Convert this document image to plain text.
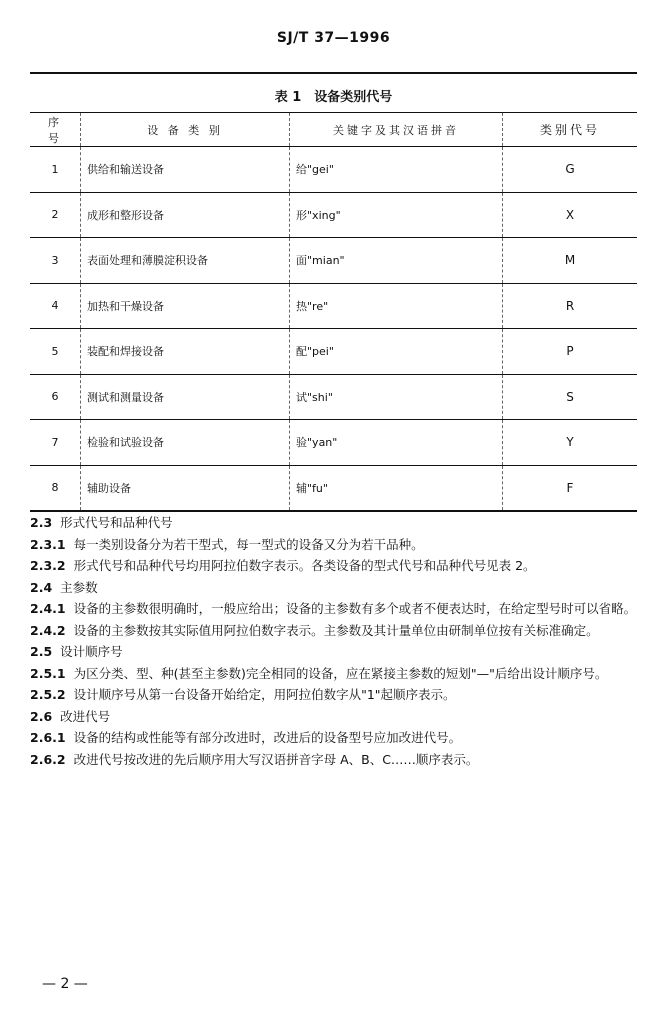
SJ/T 37—1996
表 1　设备类别代号
序　号	设 备 类 别	关键字及其汉语拼音	类别代号
1	供给和输送设备	给"gei"	G
2	成形和整形设备	形"xing"	X
3	表面处理和薄膜淀积设备	面"mian"	M
4	加热和干燥设备	热"re"	R
5	装配和焊接设备	配"pei"	P
6	测试和测量设备	试"shi"	S
7	检验和试验设备	验"yan"	Y
8	辅助设备	辅"fu"	F

2.3 形式代号和品种代号

2.3.1 每一类别设备分为若干型式，每一型式的设备又分为若干品种。

2.3.2 形式代号和品种代号均用阿拉伯数字表示。各类设备的型式代号和品种代号见表 2。

2.4 主参数

2.4.1 设备的主参数很明确时，一般应给出；设备的主参数有多个或者不便表达时，在给定型号时可以省略。

2.4.2 设备的主参数按其实际值用阿拉伯数字表示。主参数及其计量单位由研制单位按有关标准确定。

2.5 设计顺序号

2.5.1 为区分类、型、种(甚至主参数)完全相同的设备，应在紧接主参数的短划"—"后给出设计顺序号。

2.5.2 设计顺序号从第一台设备开始给定，用阿拉伯数字从"1"起顺序表示。

2.6 改进代号

2.6.1 设备的结构或性能等有部分改进时，改进后的设备型号应加改进代号。

2.6.2 改进代号按改进的先后顺序用大写汉语拼音字母 A、B、C……顺序表示。

— 2 —
